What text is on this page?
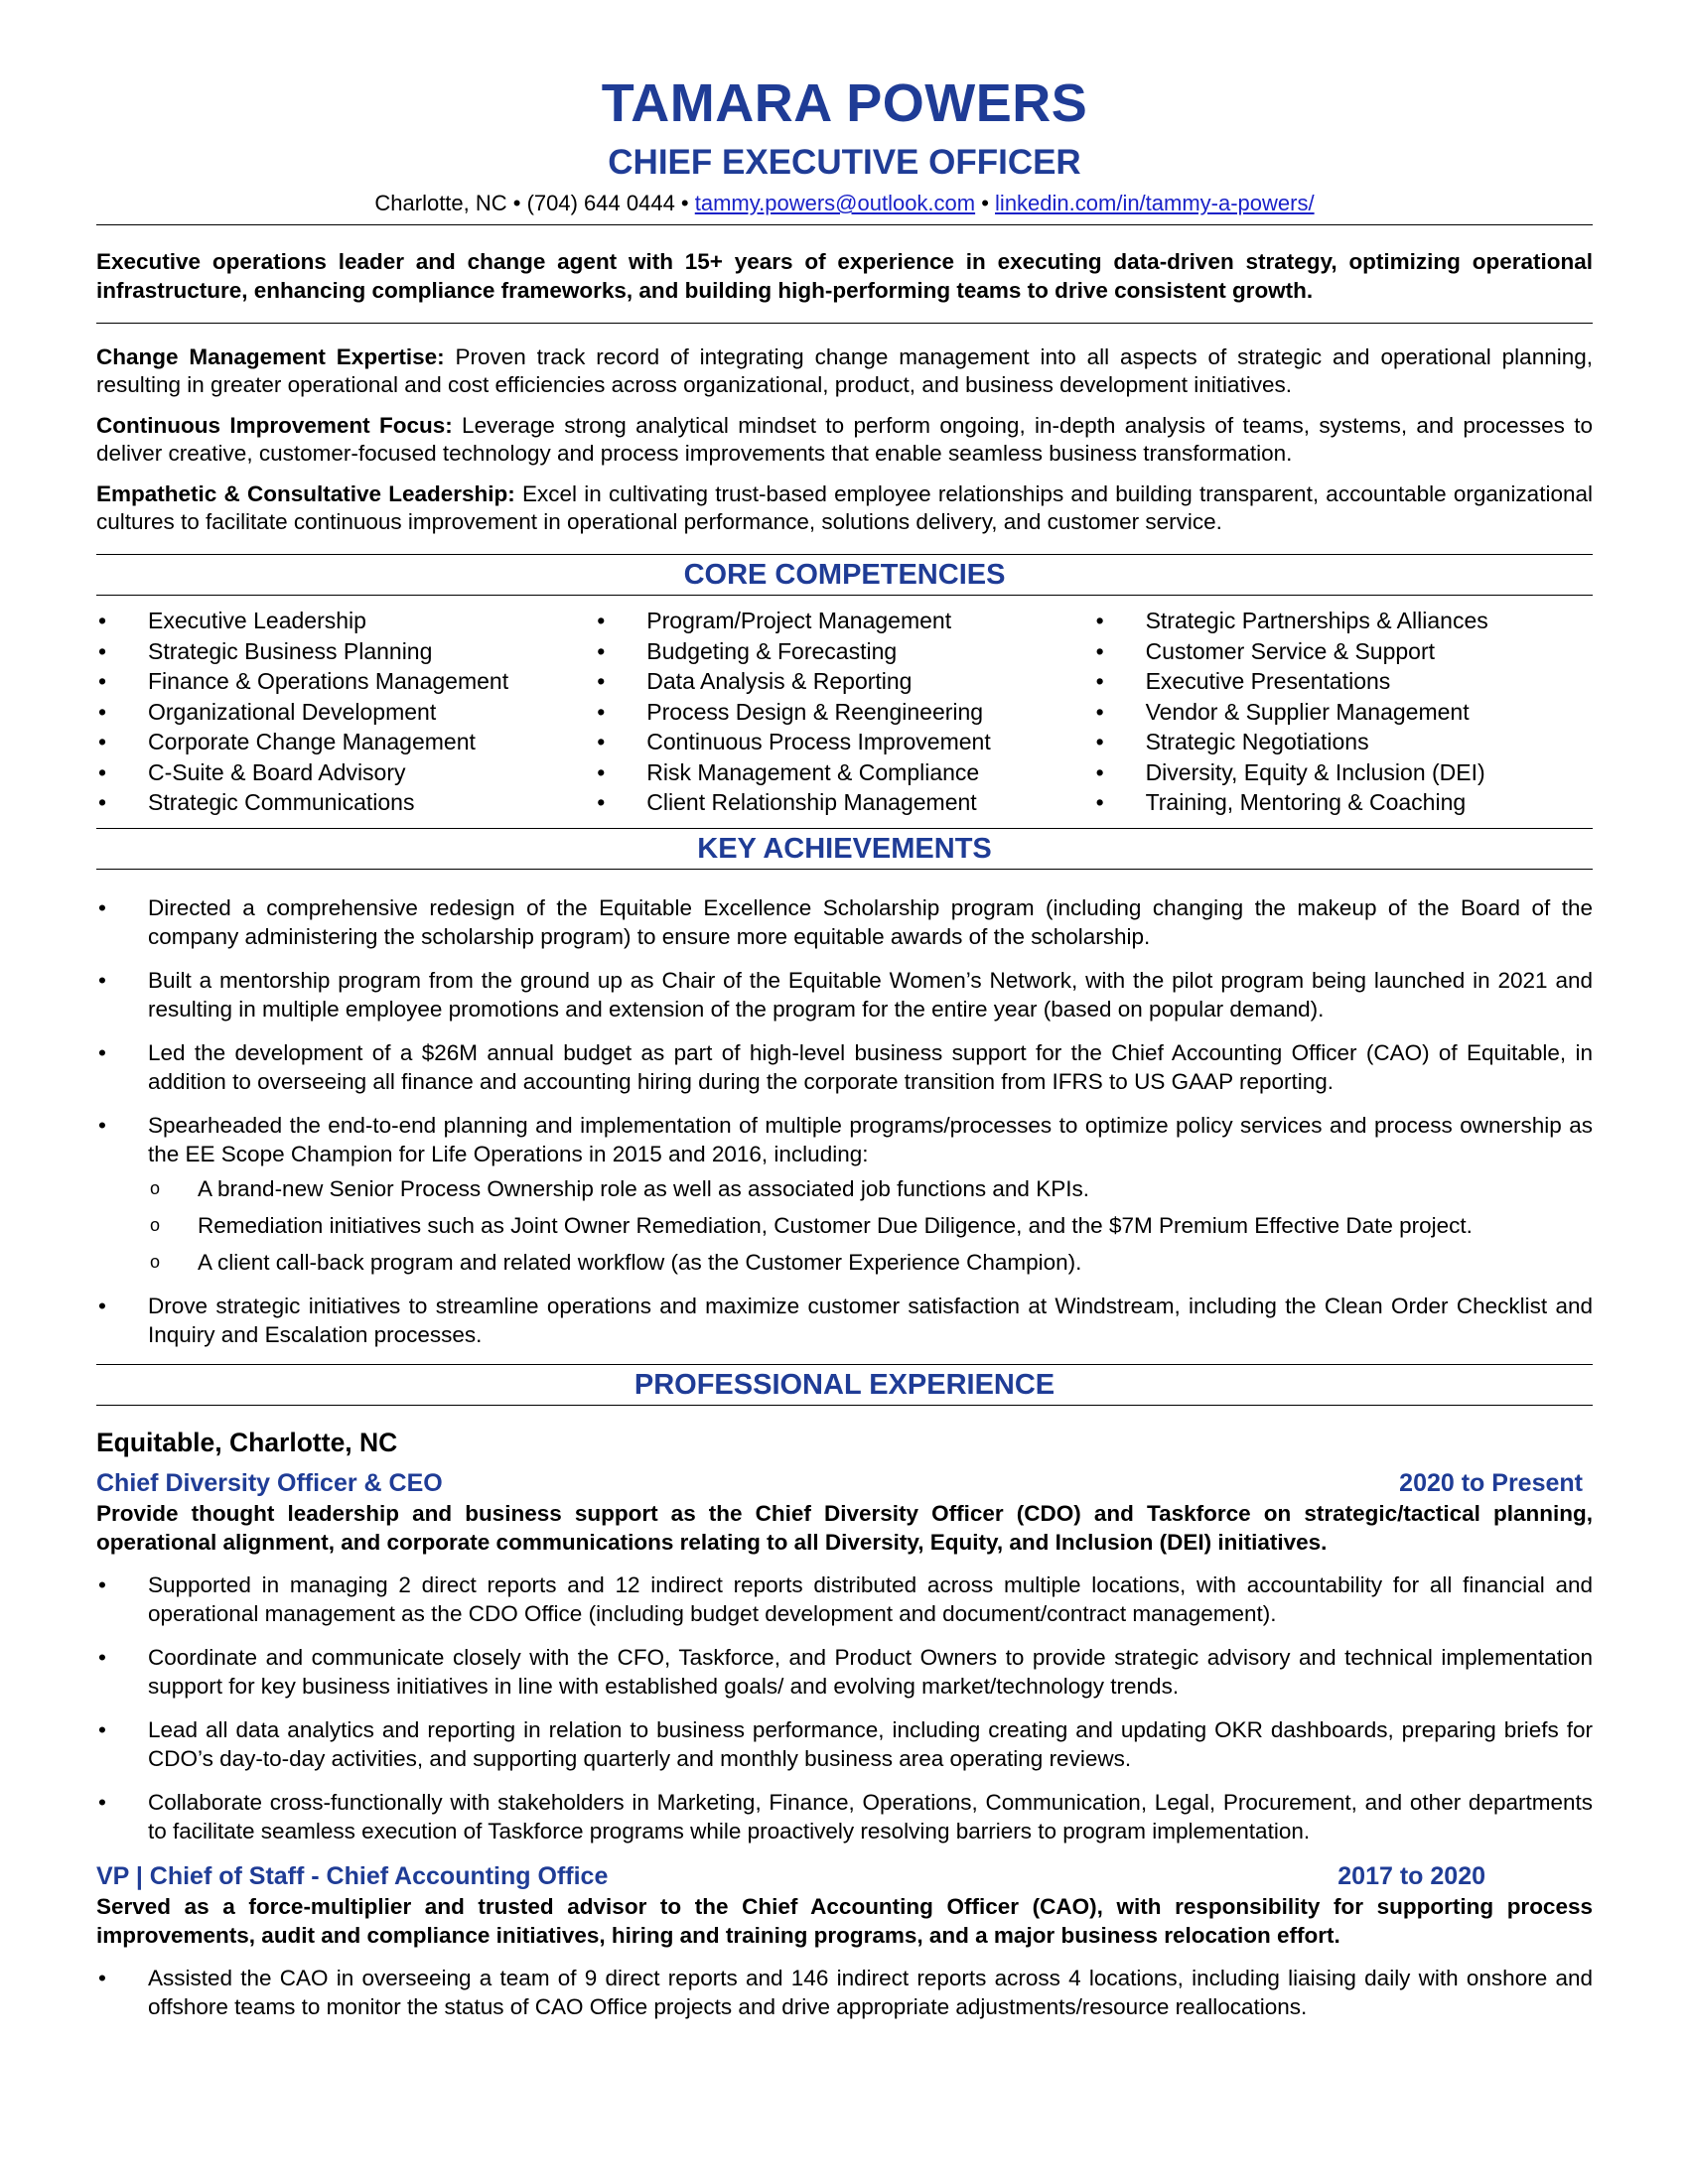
TAMARA POWERS
CHIEF EXECUTIVE OFFICER
Charlotte, NC • (704) 644 0444 • tammy.powers@outlook.com • linkedin.com/in/tammy-a-powers/

Executive operations leader and change agent with 15+ years of experience in executing data-driven strategy, optimizing operational infrastructure, enhancing compliance frameworks, and building high-performing teams to drive consistent growth.

Change Management Expertise: Proven track record of integrating change management into all aspects of strategic and operational planning, resulting in greater operational and cost efficiencies across organizational, product, and business development initiatives.

Continuous Improvement Focus: Leverage strong analytical mindset to perform ongoing, in-depth analysis of teams, systems, and processes to deliver creative, customer-focused technology and process improvements that enable seamless business transformation.

Empathetic & Consultative Leadership: Excel in cultivating trust-based employee relationships and building transparent, accountable organizational cultures to facilitate continuous improvement in operational performance, solutions delivery, and customer service.

CORE COMPETENCIES
• Executive Leadership
• Strategic Business Planning
• Finance & Operations Management
• Organizational Development
• Corporate Change Management
• C-Suite & Board Advisory
• Strategic Communications
• Program/Project Management
• Budgeting & Forecasting
• Data Analysis & Reporting
• Process Design & Reengineering
• Continuous Process Improvement
• Risk Management & Compliance
• Client Relationship Management
• Strategic Partnerships & Alliances
• Customer Service & Support
• Executive Presentations
• Vendor & Supplier Management
• Strategic Negotiations
• Diversity, Equity & Inclusion (DEI)
• Training, Mentoring & Coaching
KEY ACHIEVEMENTS
• Directed a comprehensive redesign of the Equitable Excellence Scholarship program (including changing the makeup of the Board of the company administering the scholarship program) to ensure more equitable awards of the scholarship.
• Built a mentorship program from the ground up as Chair of the Equitable Women’s Network, with the pilot program being launched in 2021 and resulting in multiple employee promotions and extension of the program for the entire year (based on popular demand).
• Led the development of a $26M annual budget as part of high-level business support for the Chief Accounting Officer (CAO) of Equitable, in addition to overseeing all finance and accounting hiring during the corporate transition from IFRS to US GAAP reporting.
• Spearheaded the end-to-end planning and implementation of multiple programs/processes to optimize policy services and process ownership as the EE Scope Champion for Life Operations in 2015 and 2016, including:
o A brand-new Senior Process Ownership role as well as associated job functions and KPIs.
o Remediation initiatives such as Joint Owner Remediation, Customer Due Diligence, and the $7M Premium Effective Date project.
o A client call-back program and related workflow (as the Customer Experience Champion).
• Drove strategic initiatives to streamline operations and maximize customer satisfaction at Windstream, including the Clean Order Checklist and Inquiry and Escalation processes.
PROFESSIONAL EXPERIENCE
Equitable, Charlotte, NC
Chief Diversity Officer & CEO	2020 to Present

Provide thought leadership and business support as the Chief Diversity Officer (CDO) and Taskforce on strategic/tactical planning, operational alignment, and corporate communications relating to all Diversity, Equity, and Inclusion (DEI) initiatives.

• Supported in managing 2 direct reports and 12 indirect reports distributed across multiple locations, with accountability for all financial and operational management as the CDO Office (including budget development and document/contract management).
• Coordinate and communicate closely with the CFO, Taskforce, and Product Owners to provide strategic advisory and technical implementation support for key business initiatives in line with established goals/ and evolving market/technology trends.
• Lead all data analytics and reporting in relation to business performance, including creating and updating OKR dashboards, preparing briefs for CDO’s day-to-day activities, and supporting quarterly and monthly business area operating reviews.
• Collaborate cross-functionally with stakeholders in Marketing, Finance, Operations, Communication, Legal, Procurement, and other departments to facilitate seamless execution of Taskforce programs while proactively resolving barriers to program implementation.
VP | Chief of Staff - Chief Accounting Office	2017 to 2020

Served as a force-multiplier and trusted advisor to the Chief Accounting Officer (CAO), with responsibility for supporting process improvements, audit and compliance initiatives, hiring and training programs, and a major business relocation effort.

• Assisted the CAO in overseeing a team of 9 direct reports and 146 indirect reports across 4 locations, including liaising daily with onshore and offshore teams to monitor the status of CAO Office projects and drive appropriate adjustments/resource reallocations.
